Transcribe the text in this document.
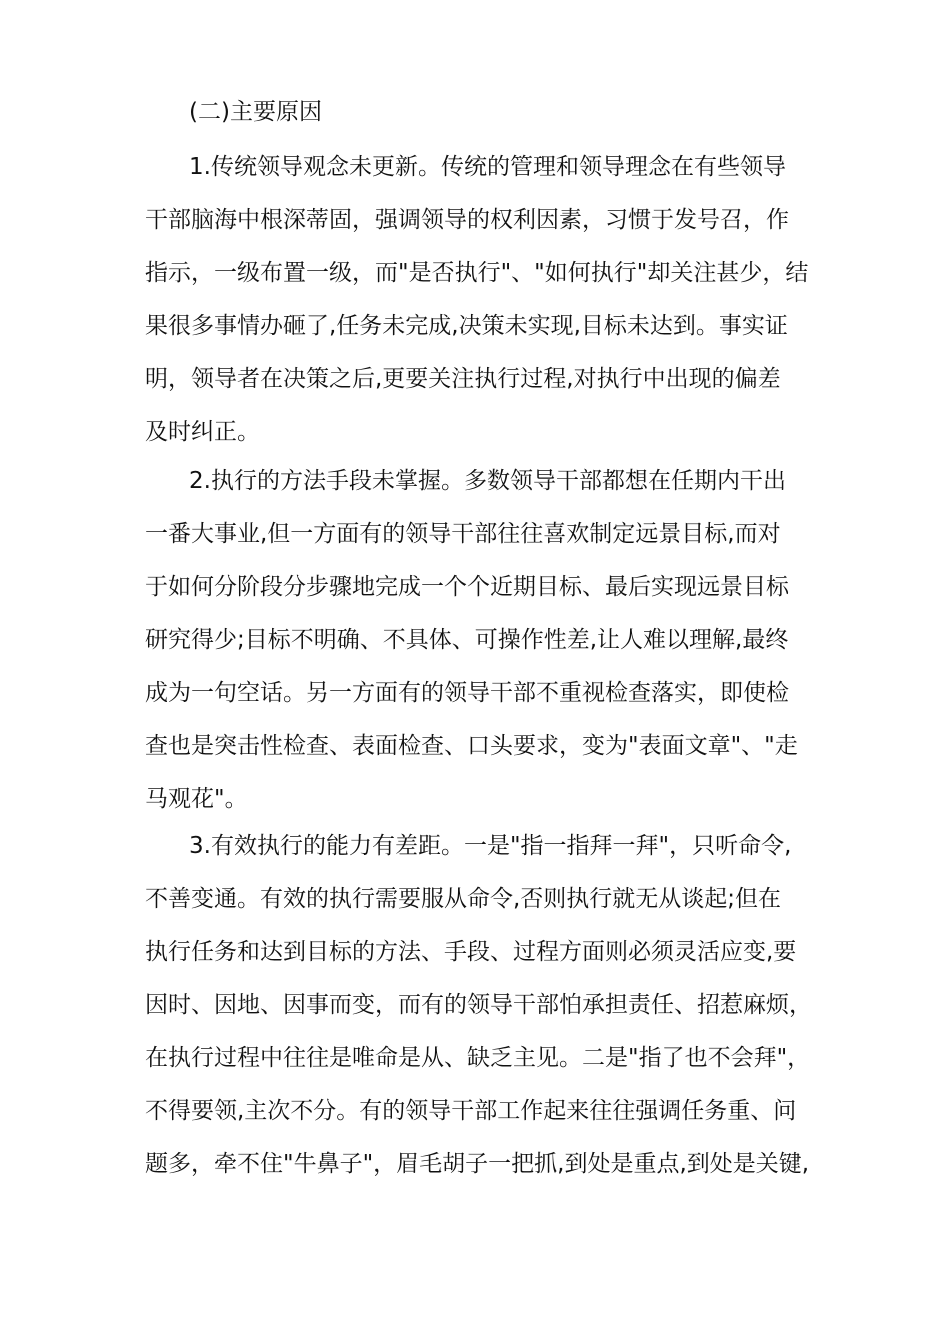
(二)主要原因
1.传统领导观念未更新。传统的管理和领导理念在有些领导
干部脑海中根深蒂固，强调领导的权利因素，习惯于发号召，作
指示，一级布置一级，而"是否执行"、"如何执行"却关注甚少，结
果很多事情办砸了,任务未完成,决策未实现,目标未达到。事实证
明，领导者在决策之后,更要关注执行过程,对执行中出现的偏差
及时纠正。
2.执行的方法手段未掌握。多数领导干部都想在任期内干出
一番大事业,但一方面有的领导干部往往喜欢制定远景目标,而对
于如何分阶段分步骤地完成一个个近期目标、最后实现远景目标
研究得少;目标不明确、不具体、可操作性差,让人难以理解,最终
成为一句空话。另一方面有的领导干部不重视检查落实，即使检
查也是突击性检查、表面检查、口头要求，变为"表面文章"、"走
马观花"。
3.有效执行的能力有差距。一是"指一指拜一拜"，只听命令,
不善变通。有效的执行需要服从命令,否则执行就无从谈起;但在
执行任务和达到目标的方法、手段、过程方面则必须灵活应变,要
因时、因地、因事而变，而有的领导干部怕承担责任、招惹麻烦，
在执行过程中往往是唯命是从、缺乏主见。二是"指了也不会拜"，
不得要领,主次不分。有的领导干部工作起来往往强调任务重、问
题多，牵不住"牛鼻子"，眉毛胡子一把抓,到处是重点,到处是关键,
